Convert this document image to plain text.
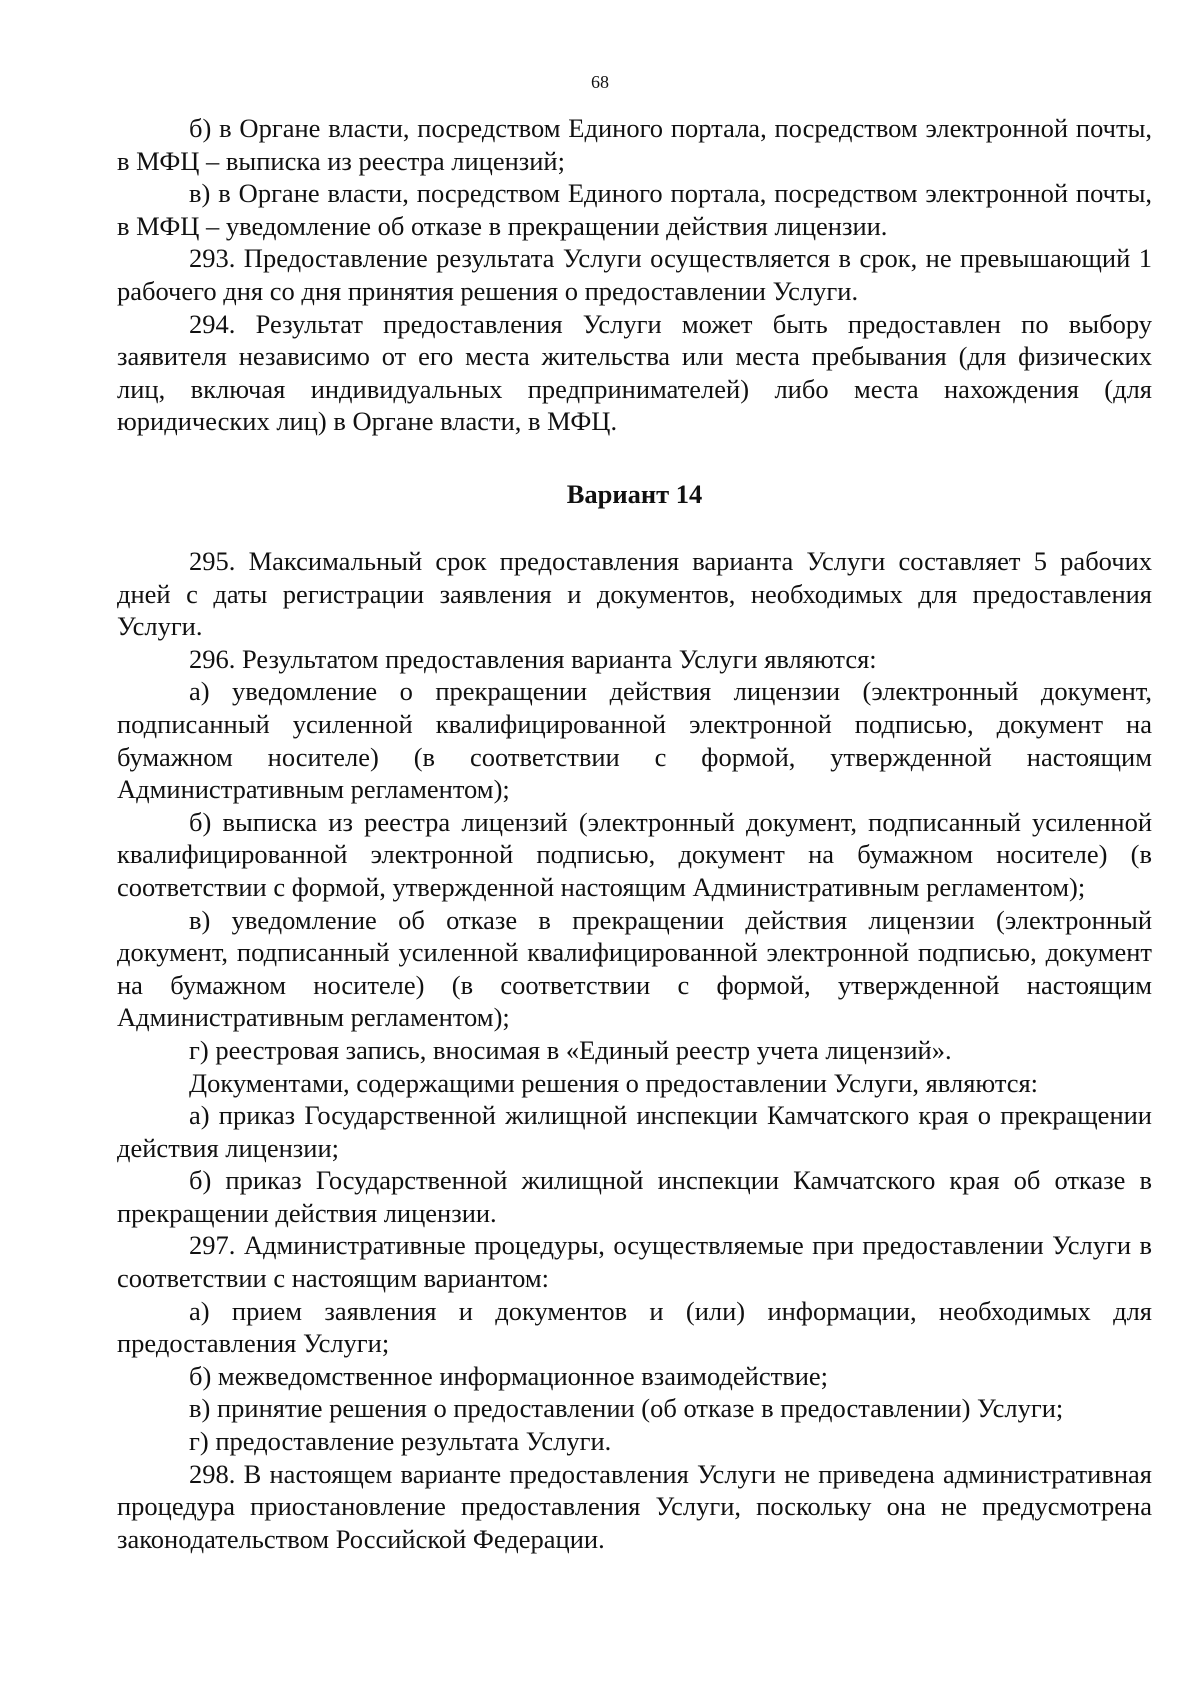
68

б) в Органе власти, посредством Единого портала, посредством электронной почты, в МФЦ – выписка из реестра лицензий;

в) в Органе власти, посредством Единого портала, посредством электронной почты, в МФЦ – уведомление об отказе в прекращении действия лицензии.

293. Предоставление результата Услуги осуществляется в срок, не превышающий 1 рабочего дня со дня принятия решения о предоставлении Услуги.

294. Результат предоставления Услуги может быть предоставлен по выбору заявителя независимо от его места жительства или места пребывания (для физических лиц, включая индивидуальных предпринимателей) либо места нахождения (для юридических лиц) в Органе власти, в МФЦ.

Вариант 14

295. Максимальный срок предоставления варианта Услуги составляет 5 рабочих дней с даты регистрации заявления и документов, необходимых для предоставления Услуги.

296. Результатом предоставления варианта Услуги являются:

а) уведомление о прекращении действия лицензии (электронный документ, подписанный усиленной квалифицированной электронной подписью, документ на бумажном носителе) (в соответствии с формой, утвержденной настоящим Административным регламентом);

б) выписка из реестра лицензий (электронный документ, подписанный усиленной квалифицированной электронной подписью, документ на бумажном носителе) (в соответствии с формой, утвержденной настоящим Административным регламентом);

в) уведомление об отказе в прекращении действия лицензии (электронный документ, подписанный усиленной квалифицированной электронной подписью, документ на бумажном носителе) (в соответствии с формой, утвержденной настоящим Административным регламентом);

г) реестровая запись, вносимая в «Единый реестр учета лицензий».

Документами, содержащими решения о предоставлении Услуги, являются:

а) приказ Государственной жилищной инспекции Камчатского края о прекращении действия лицензии;

б) приказ Государственной жилищной инспекции Камчатского края об отказе в прекращении действия лицензии.

297. Административные процедуры, осуществляемые при предоставлении Услуги в соответствии с настоящим вариантом:

а) прием заявления и документов и (или) информации, необходимых для предоставления Услуги;

б) межведомственное информационное взаимодействие;

в) принятие решения о предоставлении (об отказе в предоставлении) Услуги;

г) предоставление результата Услуги.

298. В настоящем варианте предоставления Услуги не приведена административная процедура приостановление предоставления Услуги, поскольку она не предусмотрена законодательством Российской Федерации.
